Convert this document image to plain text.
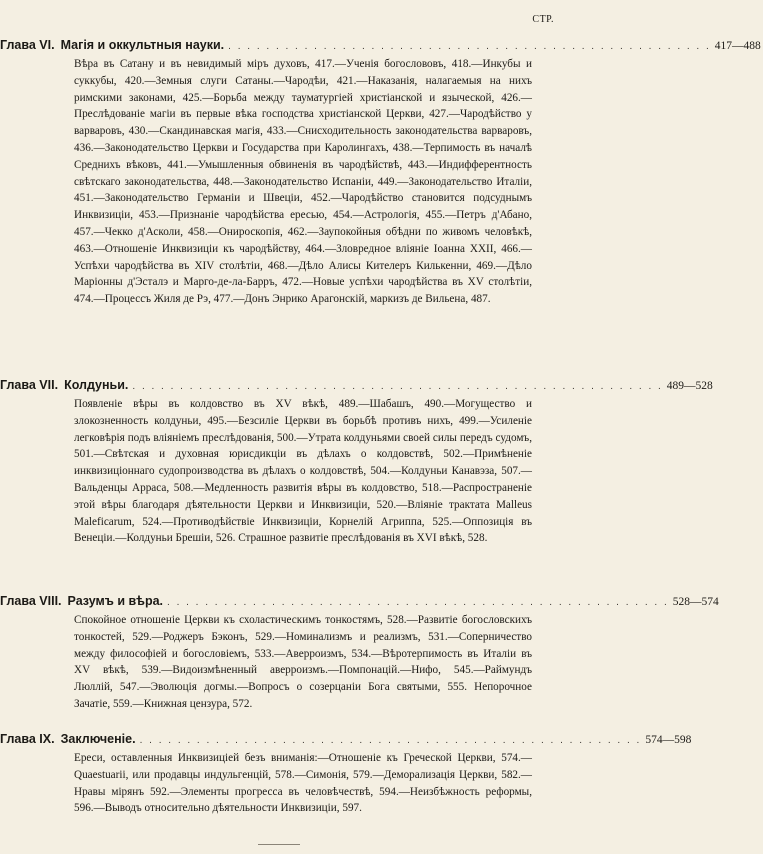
СТР.
Глава VI. Магія и оккультныя науки. . . . . . . . . . . . . . . . . . . . . . . . . . . . . . . . . . . . . . . . . . . . . . . . . . . . 417—488
Вѣра въ Сатану и въ невидимый міръ духовъ, 417.—Ученія богослововъ, 418.—Инкубы и суккубы, 420.—Земныя слуги Сатаны.—Чародѣи, 421.—Наказанія, налагаемыя на нихъ римскими законами, 425.—Борьба между тауматургіей христіанской и языческой, 426.—Преслѣдованіе магіи въ первые вѣка господства христіанской Церкви, 427.—Чародѣйство у варваровъ, 430.—Скандинавская магія, 433.—Снисходительность законодательства варваровъ, 436.—Законодательство Церкви и Государства при Каролингахъ, 438.—Терпимость въ началѣ Среднихъ вѣковъ, 441.—Умышленныя обвиненія въ чародѣйствѣ, 443.—Индифферентность свѣтскаго законодательства, 448.—Законодательство Испаніи, 449.—Законодательство Италіи, 451.—Законодательство Германіи и Швеціи, 452.—Чародѣйство становится подсуднымъ Инквизиціи, 453.—Признаніе чародѣйства ересью, 454.—Астрологія, 455.—Петръ д'Абано, 457.—Чекко д'Асколи, 458.—Онироскопія, 462.—Заупокойныя обѣдни по живомъ человѣкѣ, 463.—Отношеніе Инквизиціи къ чародѣйству, 464.—Зловредное вліяніе Іоанна XXII, 466.—Успѣхи чародѣйства въ XIV столѣтіи, 468.—Дѣло Алисы Кителеръ Килькенни, 469.—Дѣло Маріонны д'Эсталэ и Марго-де-ла-Барръ, 472.—Новые успѣхи чародѣйства въ XV столѣтіи, 474.—Процессъ Жиля де Рэ, 477.—Донъ Энрико Арагонскій, маркизъ де Вильена, 487.
Глава VII. Колдуньи. . . . . . . . . . . . . . . . . . . . . . . . . . . . . . . . . . . . . . . . . . . . . . . . . . . . . . . . . 489—528
Появленіе вѣры въ колдовство въ XV вѣкѣ, 489.—Шабашъ, 490.—Могущество и злокозненность колдуньи, 495.—Безсиліе Церкви въ борьбѣ противъ нихъ, 499.—Усиленіе легковѣрія подъ вліяніемъ преслѣдованія, 500.—Утрата колдуньями своей силы передъ судомъ, 501.—Свѣтская и духовная юрисдикціи въ дѣлахъ о колдовствѣ, 502.—Примѣненіе инквизиціоннаго судопроизводства въ дѣлахъ о колдовствѣ, 504.—Колдуньи Канавэза, 507.—Вальденцы Арраса, 508.—Медленность развитія вѣры въ колдовство, 518.—Распространеніе этой вѣры благодаря дѣятельности Церкви и Инквизиціи, 520.—Вліяніе трактата Malleus Maleficarum, 524.—Противодѣйствіе Инквизиціи, Корнелій Агриппа, 525.—Оппозиція въ Венеціи.—Колдуньи Брешіи, 526. Страшное развитіе преслѣдованія въ XVI вѣкѣ, 528.
Глава VIII. Разумъ и вѣра. . . . . . . . . . . . . . . . . . . . . . . . . . . . . . . . . . . . . . . . . . . . . . . . . . . . . . 528—574
Спокойное отношеніе Церкви къ схоластическимъ тонкостямъ, 528.—Развитіе богословскихъ тонкостей, 529.—Роджеръ Бэконъ, 529.—Номинализмъ и реализмъ, 531.—Соперничество между философіей и богословіемъ, 533.—Аверроизмъ, 534.—Вѣротерпимость въ Италіи въ XV вѣкѣ, 539.—Видоизмѣненный аверроизмъ.—Помпонацій.—Нифо, 545.—Раймундъ Люллій, 547.—Эволюція догмы.—Вопросъ о созерцаніи Бога святыми, 555. Непорочное Зачатіе, 559.—Книжная цензура, 572.
Глава IX. Заключеніе. . . . . . . . . . . . . . . . . . . . . . . . . . . . . . . . . . . . . . . . . . . . . . . . . . . . . . 574—598
Ереси, оставленныя Инквизиціей безъ вниманія:—Отношеніе къ Греческой Церкви, 574.—Quaestuarii, или продавцы индульгенцій, 578.—Симонія, 579.—Деморализація Церкви, 582.—Нравы мірянъ 592.—Элементы прогресса въ человѣчествѣ, 594.—Неизбѣжность реформы, 596.—Выводъ относительно дѣятельности Инквизиціи, 597.
